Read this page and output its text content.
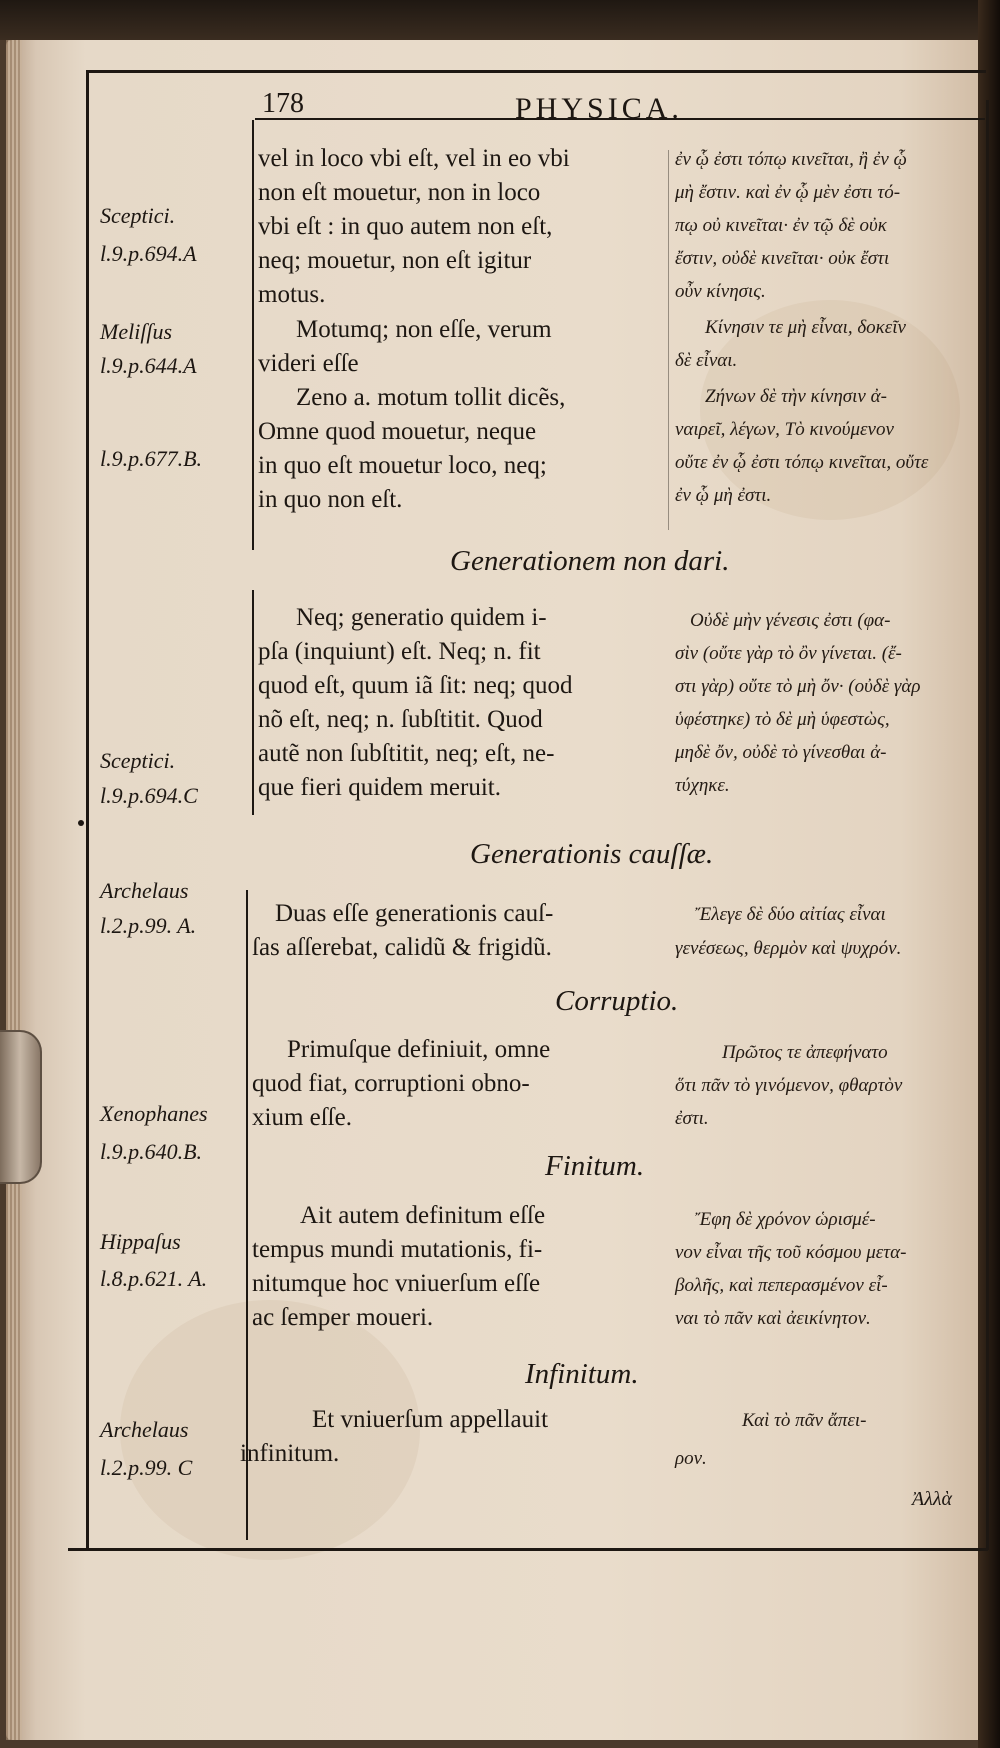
178	PHYSICA.
Sceptici.
l.9.p.694.A
Meliſſus
l.9.p.644.A
l.9.p.677.B.
vel in loco vbi eſt, vel in eo vbi
non eſt mouetur, non in loco
vbi eſt : in quo autem non eſt,
neq; mouetur, non eſt igitur
motus.
Motumq; non eſſe, verum
videri eſſe
Zeno a. motum tollit dicẽs,
Omne quod mouetur, neque
in quo eſt mouetur loco, neq;
in quo non eſt.
ἐν ᾧ ἐστι τόπῳ κινεῖται, ἢ ἐν ᾧ
μὴ ἔστιν. καὶ ἐν ᾧ μὲν ἐστι τό-
πῳ οὐ κινεῖται· ἐν τῷ δὲ οὐκ
ἔστιν, οὐδὲ κινεῖται· οὐκ ἔστι
οὖν κίνησις.
Κίνησιν τε μὴ εἶναι, δοκεῖν
δὲ εἶναι.
Ζήνων δὲ τὴν κίνησιν ἀ-
ναιρεῖ, λέγων, Τὸ κινούμενον
οὔτε ἐν ᾧ ἐστι τόπῳ κινεῖται, οὔτε
ἐν ᾧ μὴ ἐστι.
Generationem non dari.
Sceptici.
l.9.p.694.C
Neq; generatio quidem i-
pſa (inquiunt) eſt. Neq; n. fit
quod eſt, quum iã ſit: neq; quod
nõ eſt, neq; n. ſubſtitit. Quod
autẽ non ſubſtitit, neq; eſt, ne-
que fieri quidem meruit.
Οὐδὲ μὴν γένεσις ἐστι (φα-
σὶν (οὔτε γὰρ τὸ ὂν γίνεται. (ἔ-
στι γὰρ) οὔτε τὸ μὴ ὄν· (οὐδὲ γὰρ
ὑφέστηκε) τὸ δὲ μὴ ὑφεστὼς,
μηδὲ ὄν, οὐδὲ τὸ γίνεσθαι ἀ-
τύχηκε.
Generationis cauſſæ.
Archelaus
l.2.p.99. A.	Duas eſſe generationis cauſ-
ſas aſſerebat, calidũ & frigidũ.
Ἔλεγε δὲ δύο αἰτίας εἶναι
γενέσεως, θερμὸν καὶ ψυχρόν.
Corruptio.
Xenophanes
l.9.p.640.B.
Primuſque definiuit, omne
quod fiat, corruptioni obno-
xium eſſe.
Πρῶτος τε ἀπεφήνατο
ὅτι πᾶν τὸ γινόμενον, φθαρτὸν
ἐστι.
Finitum.
Hippaſus
l.8.p.621. A.
Ait autem definitum eſſe
tempus mundi mutationis, fi-
nitumque hoc vniuerſum eſſe
ac ſemper moueri.
Ἔφη δὲ χρόνον ὡρισμέ-
νον εἶναι τῆς τοῦ κόσμου μετα-
βολῆς, καὶ πεπερασμένον εἶ-
ναι τὸ πᾶν καὶ ἀεικίνητον.
Infinitum.
Archelaus
l.2.p.99. C
Et vniuerſum appellauit
infinitum.
Καὶ τὸ πᾶν ἄπει-
ρον.
Ἀλλὰ
